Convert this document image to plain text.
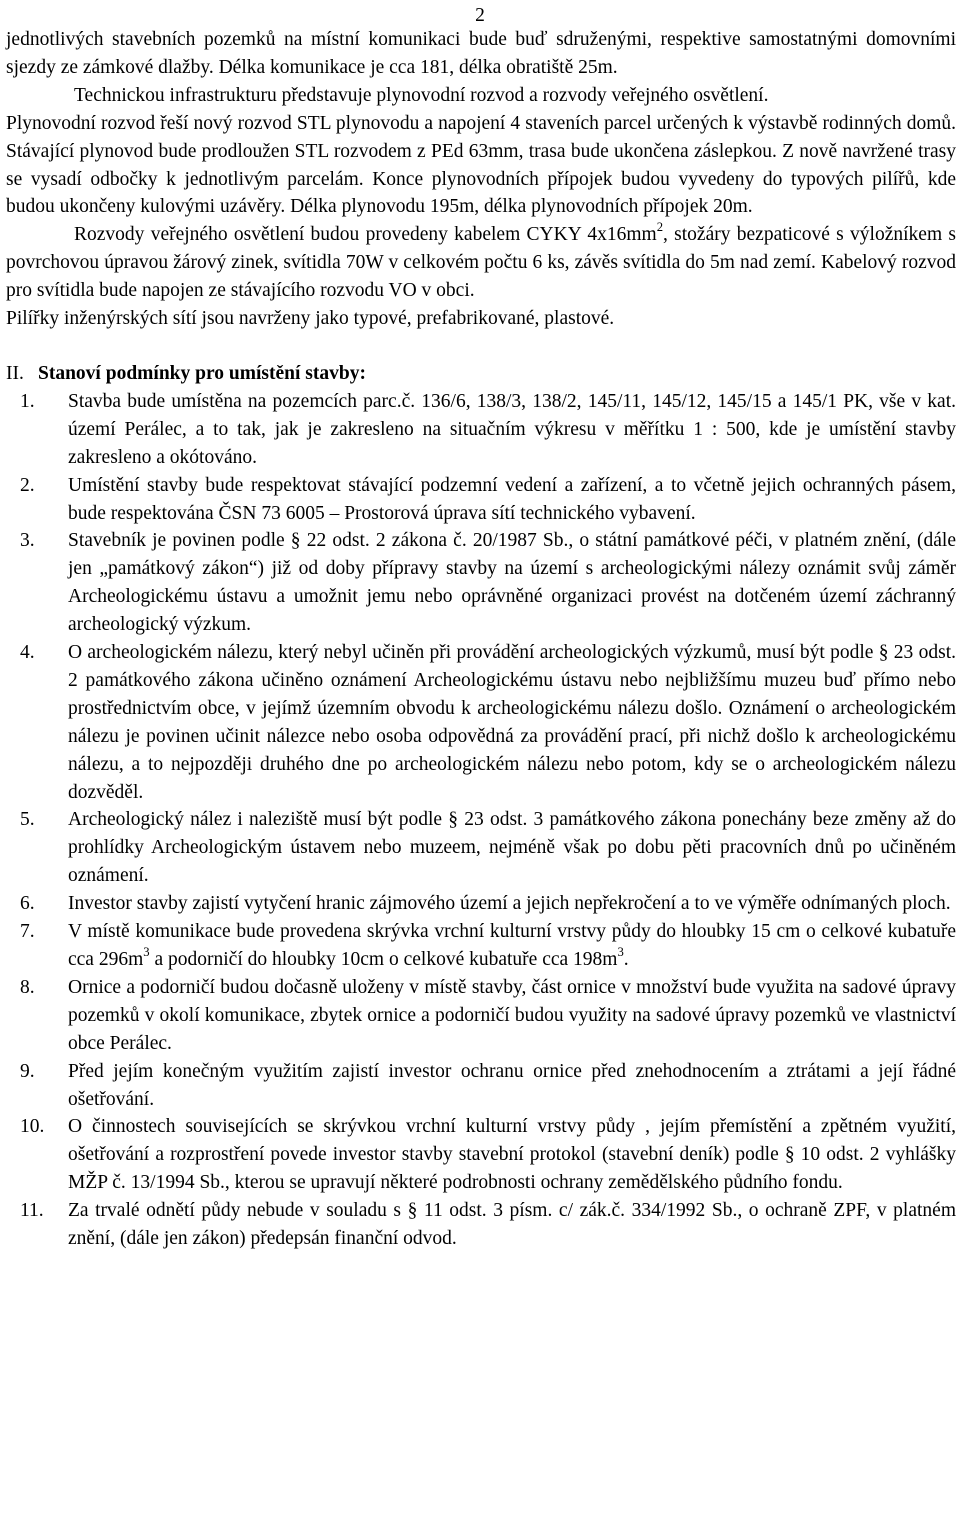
2

jednotlivých stavebních pozemků na místní komunikaci bude buď sdruženými, respektive samostatnými domovními sjezdy ze zámkové dlažby. Délka komunikace je cca 181, délka obratiště 25m.

Technickou infrastrukturu představuje plynovodní rozvod a rozvody veřejného osvětlení.

Plynovodní rozvod řeší nový rozvod STL plynovodu a napojení 4 staveních parcel určených k výstavbě rodinných domů. Stávající plynovod bude prodloužen STL rozvodem z PEd 63mm, trasa bude ukončena záslepkou. Z nově navržené trasy se vysadí odbočky k jednotlivým parcelám. Konce plynovodních přípojek budou vyvedeny do typových pilířů, kde budou ukončeny kulovými uzávěry. Délka plynovodu 195m, délka plynovodních přípojek 20m.

Rozvody veřejného osvětlení budou provedeny kabelem CYKY $4x16mm^2$, stožáry bezpaticové s výložníkem s povrchovou úpravou žárový zinek, svítidla 70W v celkovém počtu 6 ks, závěs svítidla do 5m nad zemí. Kabelový rozvod pro svítidla bude napojen ze stávajícího rozvodu VO v obci.

Pilířky inženýrských sítí jsou navrženy jako typové, prefabrikované, plastové.

II. Stanoví podmínky pro umístění stavby:
1.	Stavba bude umístěna na pozemcích parc.č. 136/6, 138/3, 138/2, 145/11, 145/12, 145/15 a 145/1 PK, vše v kat. území Perálec, a to tak, jak je zakresleno na situačním výkresu v měřítku 1 : 500, kde je umístění stavby zakresleno a okótováno.
2.	Umístění stavby bude respektovat stávající podzemní vedení a zařízení, a to včetně jejich ochranných pásem, bude respektována ČSN 73 6005 – Prostorová úprava sítí technického vybavení.
3.	Stavebník je povinen podle § 22 odst. 2 zákona č. 20/1987 Sb., o státní památkové péči, v platném znění, (dále jen „památkový zákon“) již od doby přípravy stavby na území s archeologickými nálezy oznámit svůj záměr Archeologickému ústavu a umožnit jemu nebo oprávněné organizaci provést na dotčeném území záchranný archeologický výzkum.
4.	O archeologickém nálezu, který nebyl učiněn při provádění archeologických výzkumů, musí být podle § 23 odst. 2 památkového zákona učiněno oznámení Archeologickému ústavu nebo nejbližšímu muzeu buď přímo nebo prostřednictvím obce, v jejímž územním obvodu k archeologickému nálezu došlo. Oznámení o archeologickém nálezu je povinen učinit nálezce nebo osoba odpovědná za provádění prací, při nichž došlo k archeologickému nálezu, a to nejpozději druhého dne po archeologickém nálezu nebo potom, kdy se o archeologickém nálezu dozvěděl.
5.	Archeologický nález i naleziště musí být podle § 23 odst. 3 památkového zákona ponechány beze změny až do prohlídky Archeologickým ústavem nebo muzeem, nejméně však po dobu pěti pracovních dnů po učiněném oznámení.
6.	Investor stavby zajistí vytyčení hranic zájmového území a jejich nepřekročení a to ve výměře odnímaných ploch.
7.	V místě komunikace bude provedena skrývka vrchní kulturní vrstvy půdy do hloubky 15 cm o celkové kubatuře cca $296m^3$ a podorničí do hloubky 10cm o celkové kubatuře cca $198m^3$.
8.	Ornice a podorničí budou dočasně uloženy v místě stavby, část ornice v množství bude využita na sadové úpravy pozemků v okolí komunikace, zbytek ornice a podorničí budou využity na sadové úpravy pozemků ve vlastnictví obce Perálec.
9.	Před jejím konečným využitím zajistí investor ochranu ornice před znehodnocením a ztrátami a její řádné ošetřování.
10.	O činnostech souvisejících se skrývkou vrchní kulturní vrstvy půdy , jejím přemístění a zpětném využití, ošetřování a rozprostření povede investor stavby stavební protokol (stavební deník) podle § 10 odst. 2 vyhlášky MŽP č. 13/1994 Sb., kterou se upravují některé podrobnosti ochrany zemědělského půdního fondu.
11.	Za trvalé odnětí půdy nebude v souladu s § 11 odst. 3 písm. c/ zák.č. 334/1992 Sb., o ochraně ZPF, v platném znění, (dále jen zákon) předepsán finanční odvod.
